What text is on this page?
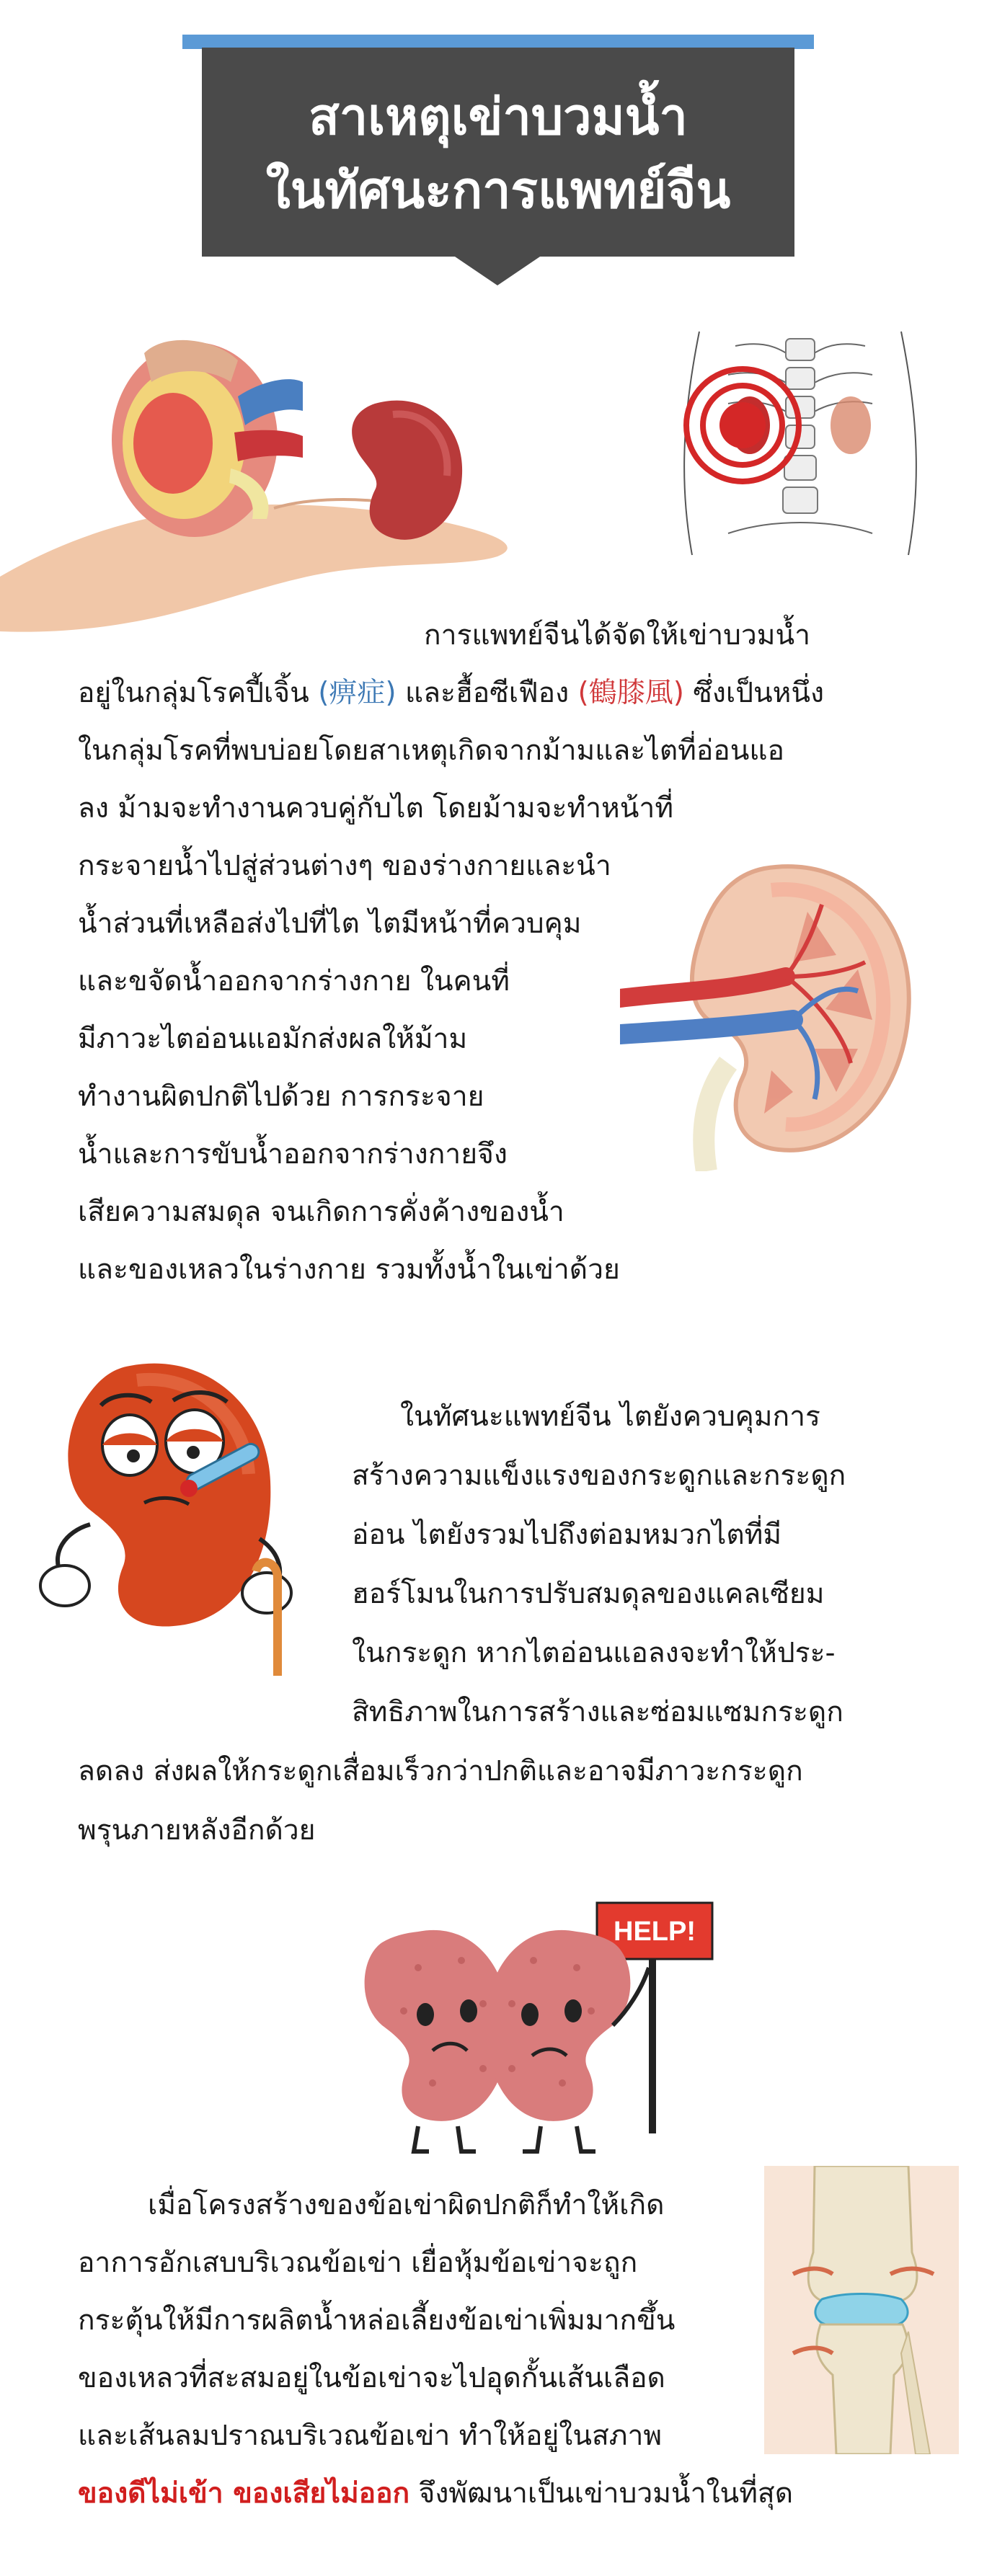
สาเหตุเข่าบวมน้ำ
ในทัศนะการแพทย์จีน
การแพทย์จีนได้จัดให้เข่าบวมน้ำ
อยู่ในกลุ่มโรคปี้เจิ้น (痹症) และฮื้อซีเฟือง (鶴膝風) ซึ่งเป็นหนึ่ง
ในกลุ่มโรคที่พบบ่อยโดยสาเหตุเกิดจากม้ามและไตที่อ่อนแอ
ลง ม้ามจะทำงานควบคู่กับไต โดยม้ามจะทำหน้าที่
กระจายน้ำไปสู่ส่วนต่างๆ ของร่างกายและนำ
น้ำส่วนที่เหลือส่งไปที่ไต ไตมีหน้าที่ควบคุม
และขจัดน้ำออกจากร่างกาย ในคนที่
มีภาวะไตอ่อนแอมักส่งผลให้ม้าม
ทำงานผิดปกติไปด้วย การกระจาย
น้ำและการขับน้ำออกจากร่างกายจึง
เสียความสมดุล จนเกิดการคั่งค้างของน้ำ
และของเหลวในร่างกาย รวมทั้งน้ำในเข่าด้วย
ในทัศนะแพทย์จีน ไตยังควบคุมการ
สร้างความแข็งแรงของกระดูกและกระดูก
อ่อน ไตยังรวมไปถึงต่อมหมวกไตที่มี
ฮอร์โมนในการปรับสมดุลของแคลเซียม
ในกระดูก หากไตอ่อนแอลงจะทำให้ประ-
สิทธิภาพในการสร้างและซ่อมแซมกระดูก
ลดลง ส่งผลให้กระดูกเสื่อมเร็วกว่าปกติและอาจมีภาวะกระดูก
พรุนภายหลังอีกด้วย
HELP!
เมื่อโครงสร้างของข้อเข่าผิดปกติก็ทำให้เกิด
อาการอักเสบบริเวณข้อเข่า เยื่อหุ้มข้อเข่าจะถูก
กระตุ้นให้มีการผลิตน้ำหล่อเลี้ยงข้อเข่าเพิ่มมากขึ้น
ของเหลวที่สะสมอยู่ในข้อเข่าจะไปอุดกั้นเส้นเลือด
และเส้นลมปราณบริเวณข้อเข่า ทำให้อยู่ในสภาพ
ของดีไม่เข้า ของเสียไม่ออก จึงพัฒนาเป็นเข่าบวมน้ำในที่สุด
